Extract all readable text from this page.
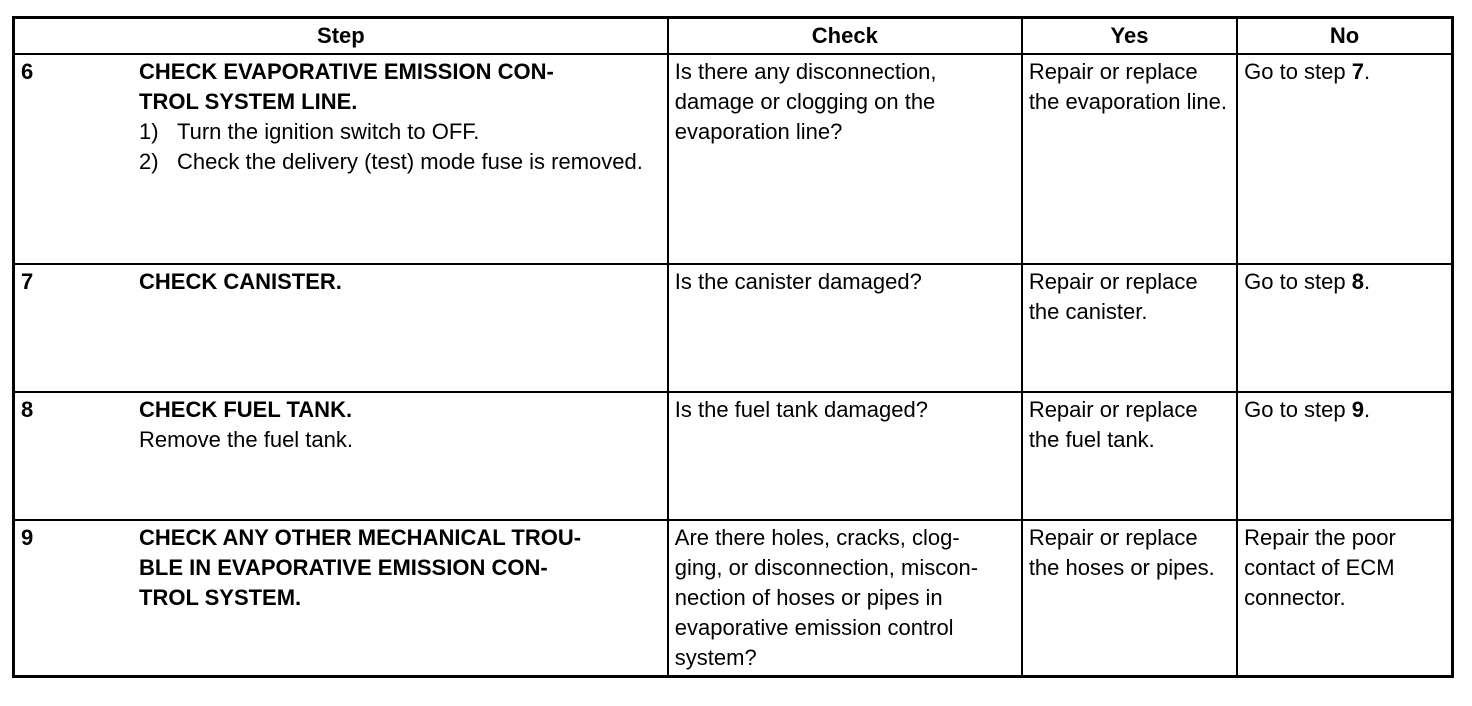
Step	Check	Yes	No

6 CHECK EVAPORATIVE EMISSION CON-
TROL SYSTEM LINE.
1) Turn the ignition switch to OFF.
2) Check the delivery (test) mode fuse is removed.	Is there any disconnection, damage or clogging on the evaporation line?	Repair or replace the evaporation line.	Go to step 7.

7 CHECK CANISTER.	Is the canister damaged?	Repair or replace the canister.	Go to step 8.

8 CHECK FUEL TANK.
Remove the fuel tank.	Is the fuel tank damaged?	Repair or replace the fuel tank.	Go to step 9.

9 CHECK ANY OTHER MECHANICAL TROU-
BLE IN EVAPORATIVE EMISSION CON-
TROL SYSTEM.	Are there holes, cracks, clog-
ging, or disconnection, miscon-
nection of hoses or pipes in evaporative emission control system?	Repair or replace the hoses or pipes.	Repair the poor contact of ECM connector.
